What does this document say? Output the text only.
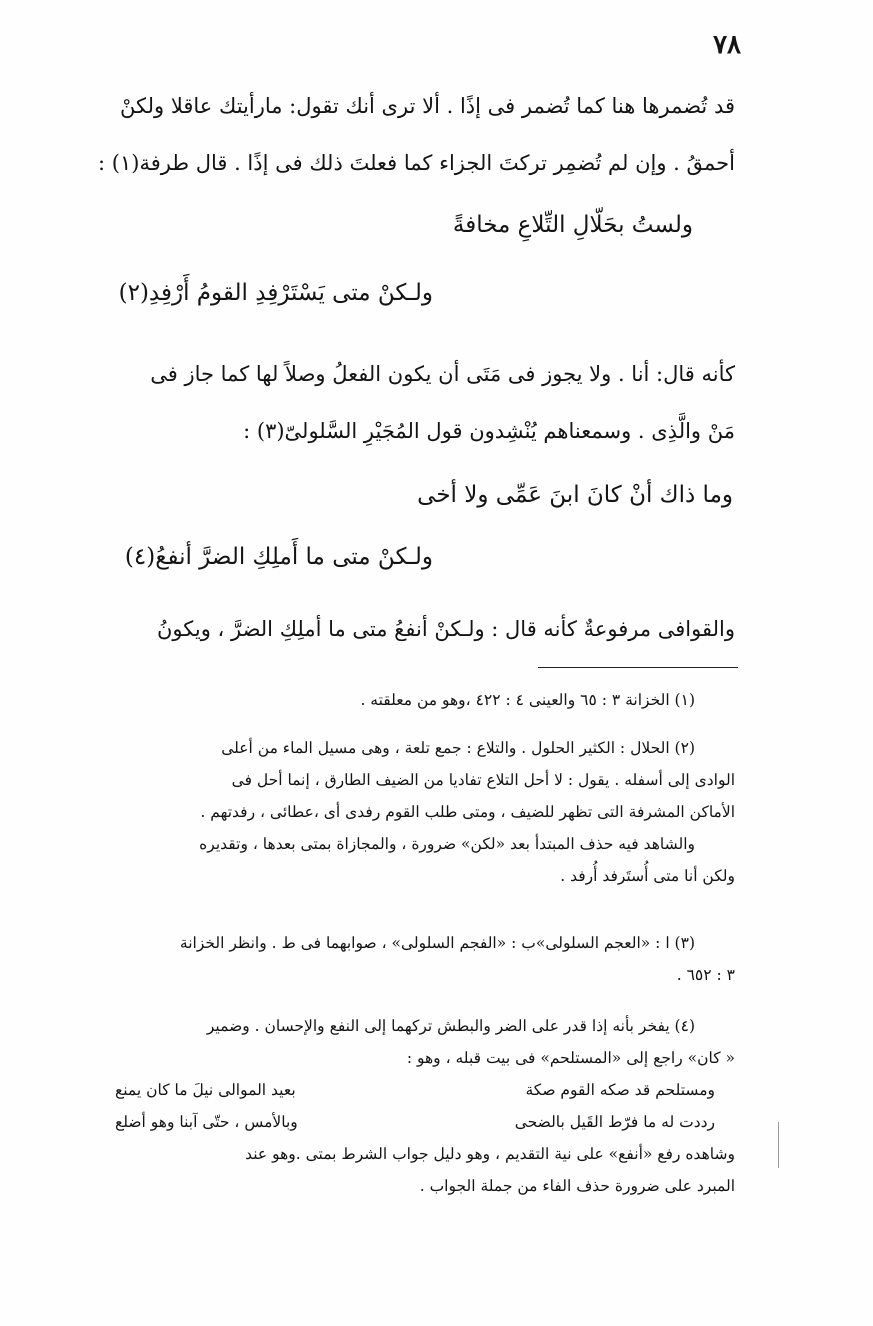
٧٨

قد تُضمرها هنا كما تُضمر فى إذًا . ألا ترى أنك تقول: مارأيتك عاقلا ولكنْ

أحمقُ . وإن لم تُضمِر تركتَ الجزاء كما فعلتَ ذلك فى إذًا . قال طرفة(١) :

ولستُ بحَلّالِ التِّلاعِ مخافةً
ولـكنْ متى يَسْتَرْفِدِ القومُ أَرْفِدِ(٢)

كأنه قال: أنا . ولا يجوز فى مَتَى أن يكون الفعلُ وصلاً لها كما جاز فى

مَنْ والَّذِى . وسمعناهم يُنْشِدون قول المُجَيْرِ السَّلولىّ(٣) :

وما ذاك أنْ كانَ ابنَ عَمِّى ولا أخى
ولـكنْ متى ما أَملِكِ الضرَّ أنفعُ(٤)

والقوافى مرفوعةٌ كأنه قال : ولـكنْ أنفعُ متى ما أملِكِ الضرَّ ، ويكونُ

(١) الخزانة ٣ : ٦٥ والعينى ٤ : ٤٢٢ ،وهو من معلقته .

(٢) الحلال : الكثير الحلول . والتلاع : جمع تلعة ، وهى مسيل الماء من أعلى

الوادى إلى أسفله . يقول : لا أحل التلاع تفاديا من الضيف الطارق ، إنما أحل فى

الأماكن المشرفة التى تظهر للضيف ، ومتى طلب القوم رفدى أى ،عطائى ، رفدتهم .

والشاهد فيه حذف المبتدأ بعد «لكن» ضرورة ، والمجازاة بمتى بعدها ، وتقديره

ولكن أنا متى أُستَرفد أُرفد .

(٣) ا : «العجم السلولى»ب : «الفجم السلولى» ، صوابهما فى ط . وانظر الخزانة

٣ : ٦٥٢ .

(٤) يفخر بأنه إذا قدر على الضر والبطش تركهما إلى النفع والإحسان . وضمير

« كان» راجع إلى «المستلحم» فى بيت قبله ، وهو :

ومستلحم قد صكه القوم صكة
بعيد الموالى نيلَ ما كان يمنع
رددت له ما فرّط القَيل بالضحى
وبالأمس ، حتّى آبنا وهو أضلع

وشاهده رفع «أنفع» على نية التقديم ، وهو دليل جواب الشرط بمتى .وهو عند

المبرد على ضرورة حذف الفاء من جملة الجواب .
